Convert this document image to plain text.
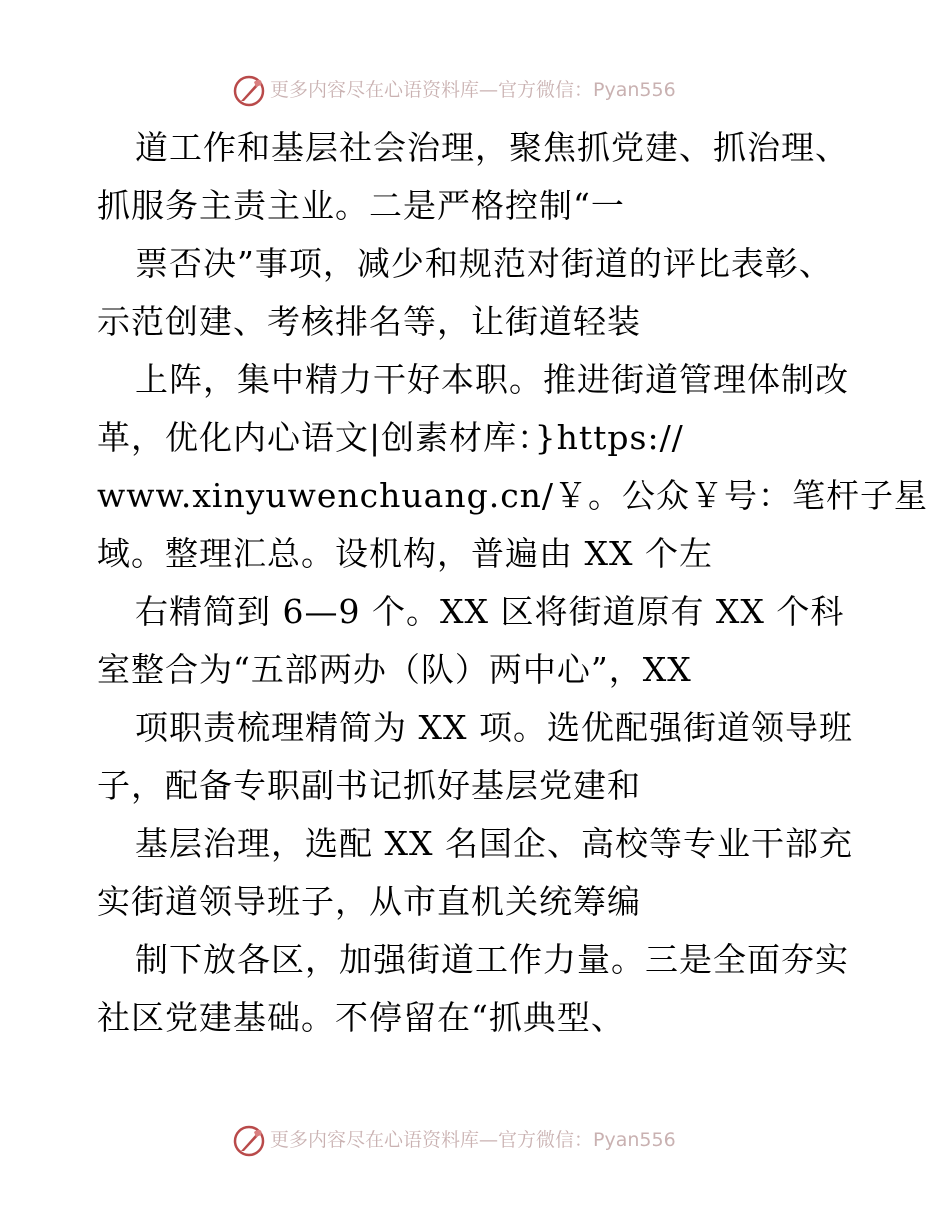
更多内容尽在心语资料库—官方微信：Pyan556
道工作和基层社会治理，聚焦抓党建、抓治理、
抓服务主责主业。二是严格控制“一
票否决”事项，减少和规范对街道的评比表彰、
示范创建、考核排名等，让街道轻装
上阵，集中精力干好本职。推进街道管理体制改
革，优化内心语文|创素材库：}https://
www.xinyuwenchuang.cn/￥。公众￥号：笔杆子星
域。整理汇总。设机构，普遍由 XX 个左
右精简到 6—9 个。XX 区将街道原有 XX 个科
室整合为“五部两办（队）两中心”，XX
项职责梳理精简为 XX 项。选优配强街道领导班
子，配备专职副书记抓好基层党建和
基层治理，选配 XX 名国企、高校等专业干部充
实街道领导班子，从市直机关统筹编
制下放各区，加强街道工作力量。三是全面夯实
社区党建基础。不停留在“抓典型、
更多内容尽在心语资料库—官方微信：Pyan556
